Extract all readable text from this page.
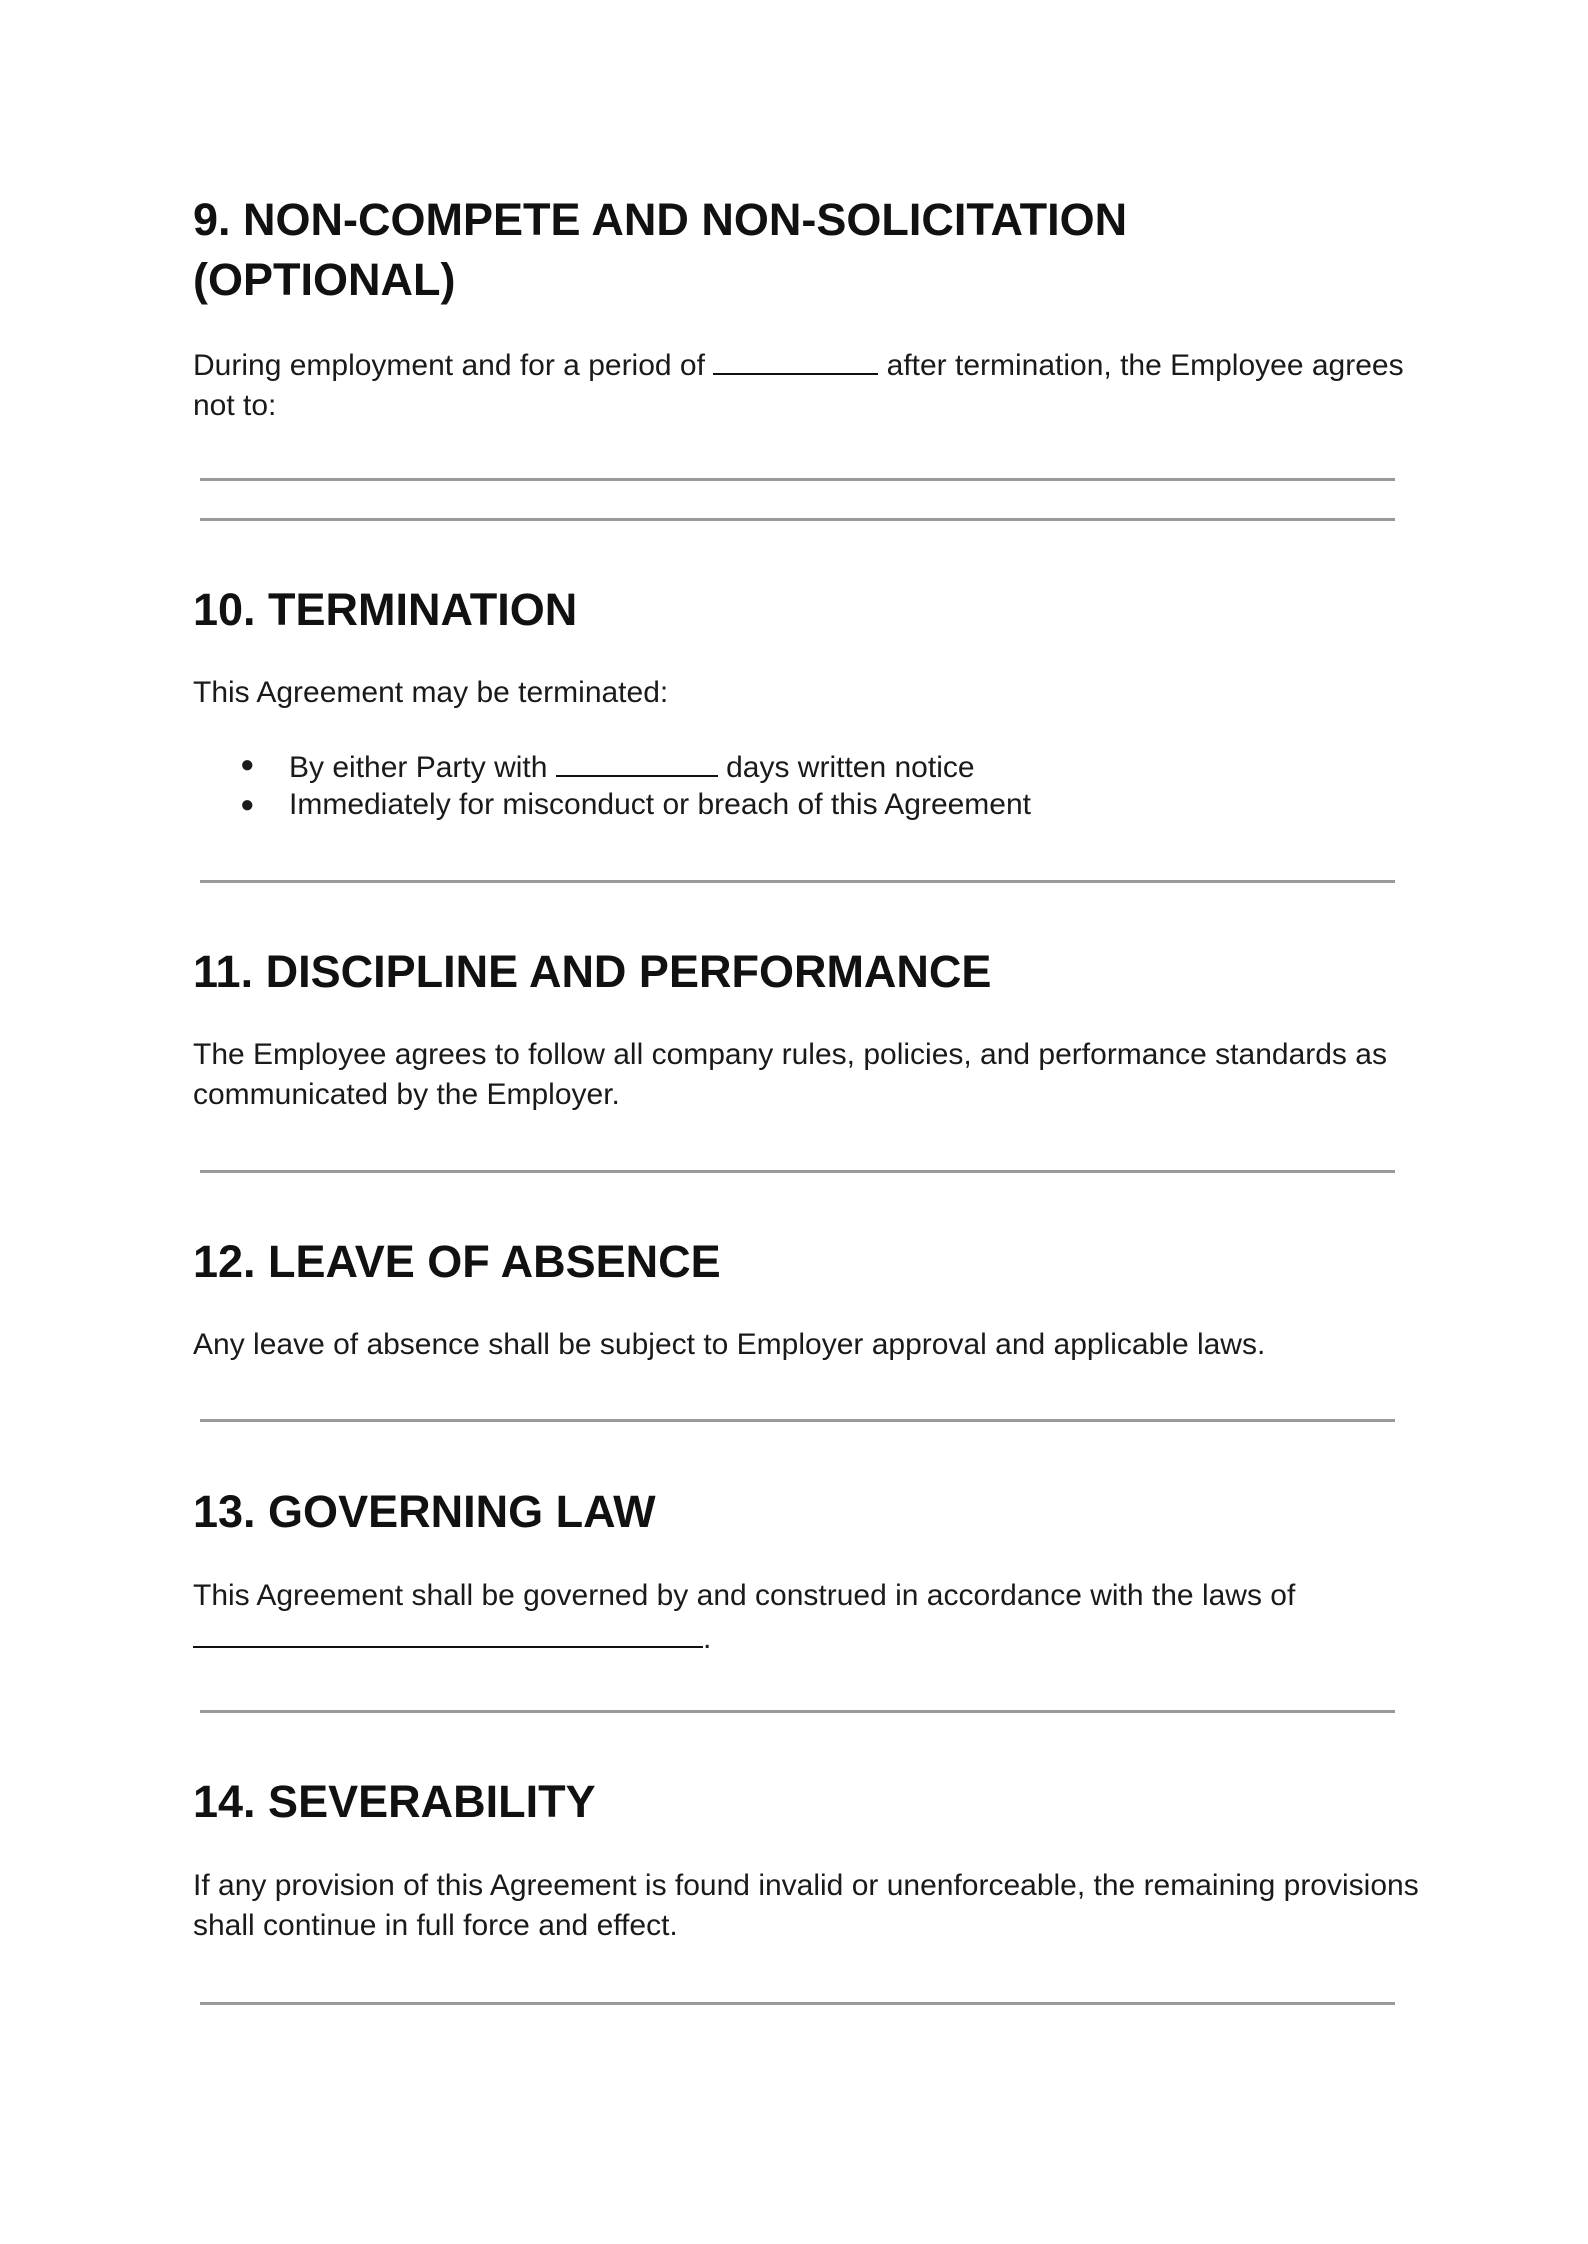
9. NON-COMPETE AND NON-SOLICITATION
(OPTIONAL)

During employment and for a period of	after termination, the Employee agrees
not to:

10. TERMINATION

This Agreement may be terminated:

● By either Party with	days written notice

● Immediately for misconduct or breach of this Agreement

11. DISCIPLINE AND PERFORMANCE

The Employee agrees to follow all company rules, policies, and performance standards as
communicated by the Employer.

12. LEAVE OF ABSENCE

Any leave of absence shall be subject to Employer approval and applicable laws.

13. GOVERNING LAW

This Agreement shall be governed by and construed in accordance with the laws of
.

14. SEVERABILITY

If any provision of this Agreement is found invalid or unenforceable, the remaining provisions
shall continue in full force and effect.
